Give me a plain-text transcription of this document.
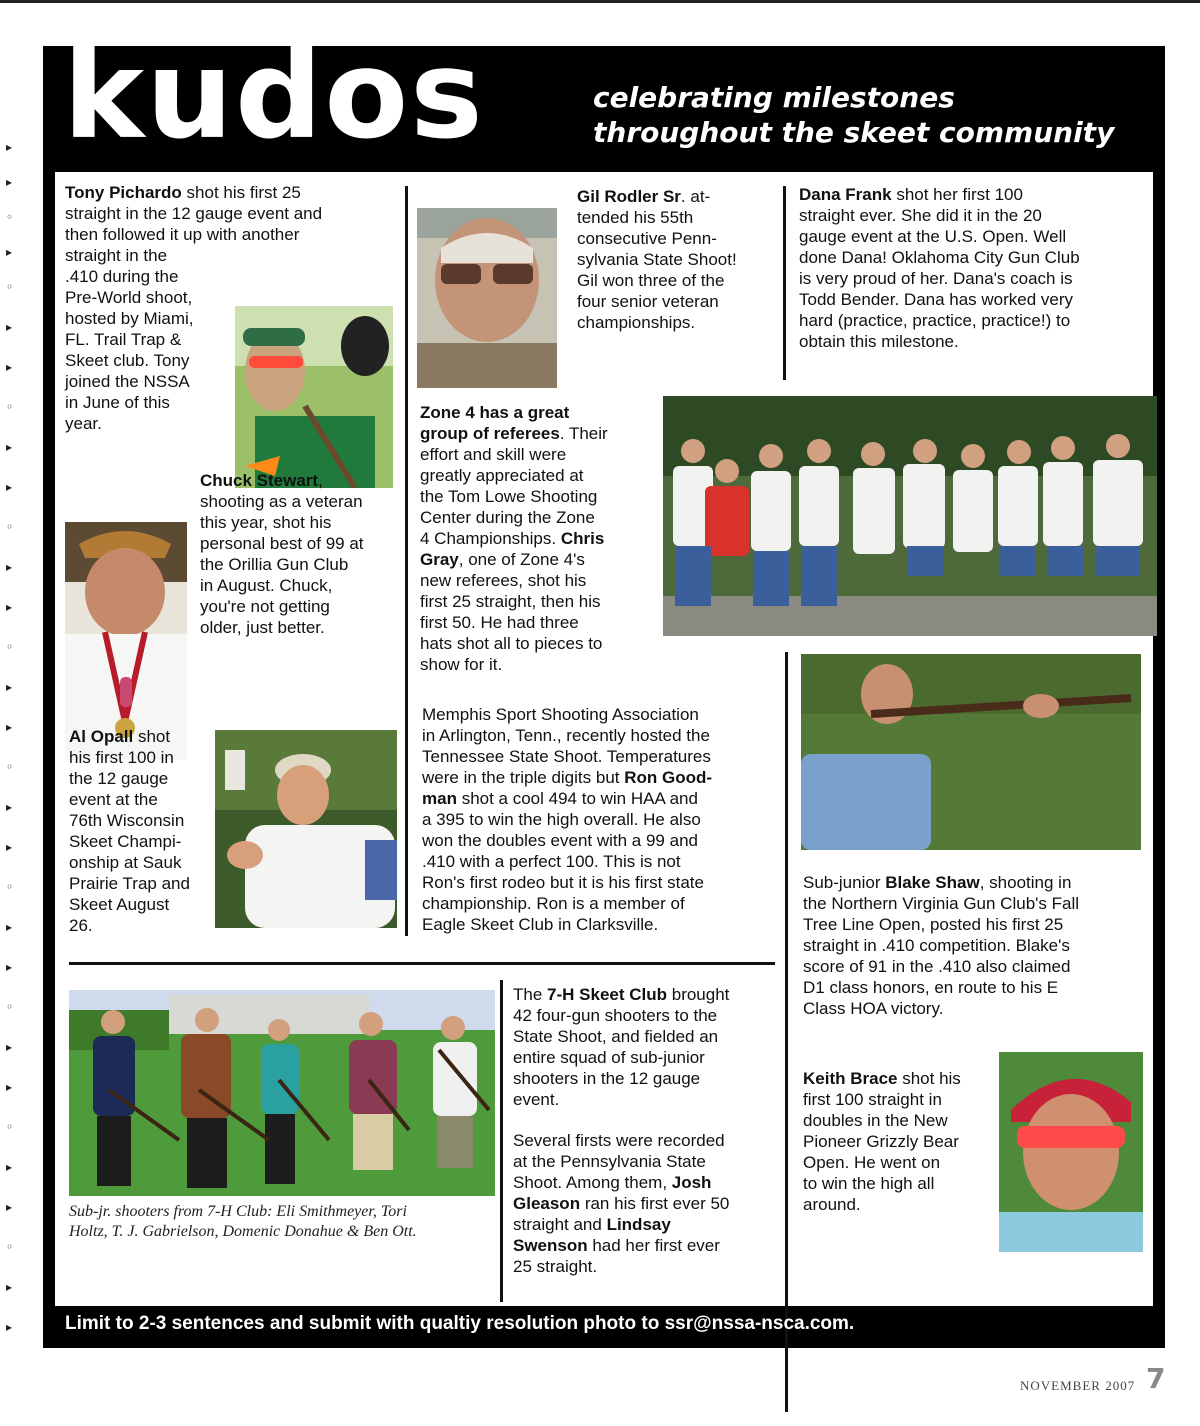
▸
▸
◦
▸
◦
▸
▸
◦
▸
▸
◦
▸
▸
◦
▸
▸
◦
▸
▸
◦
▸
▸
◦
▸
▸
◦
▸
▸
◦
▸
▸
kudos	celebrating milestones
throughout the skeet community
Tony Pichardo shot his first 25
straight in the 12 gauge event and
then followed it up with another
straight in the
.410 during the
Pre-World shoot,
hosted by Miami,
FL. Trail Trap &
Skeet club. Tony
joined the NSSA
in June of this
year.
Chuck Stewart,
shooting as a veteran
this year, shot his
personal best of 99 at
the Orillia Gun Club
in August. Chuck,
you're not getting
older, just better.
Al Opall shot
his first 100 in
the 12 gauge
event at the
76th Wisconsin
Skeet Champi-
onship at Sauk
Prairie Trap and
Skeet August
26.
Gil Rodler Sr. at-
tended his 55th
consecutive Penn-
sylvania State Shoot!
Gil won three of the
four senior veteran
championships.
Zone 4 has a great
group of referees. Their
effort and skill were
greatly appreciated at
the Tom Lowe Shooting
Center during the Zone
4 Championships. Chris
Gray, one of Zone 4's
new referees, shot his
first 25 straight, then his
first 50. He had three
hats shot all to pieces to
show for it.
Memphis Sport Shooting Association
in Arlington, Tenn., recently hosted the
Tennessee State Shoot. Temperatures
were in the triple digits but Ron Good-
man shot a cool 494 to win HAA and
a 395 to win the high overall. He also
won the doubles event with a 99 and
.410 with a perfect 100. This is not
Ron's first rodeo but it is his first state
championship. Ron is a member of
Eagle Skeet Club in Clarksville.
Dana Frank shot her first 100
straight ever. She did it in the 20
gauge event at the U.S. Open. Well
done Dana! Oklahoma City Gun Club
is very proud of her. Dana's coach is
Todd Bender. Dana has worked very
hard (practice, practice, practice!) to
obtain this milestone.
Sub-junior Blake Shaw, shooting in
the Northern Virginia Gun Club's Fall
Tree Line Open, posted his first 25
straight in .410 competition. Blake's
score of 91 in the .410 also claimed
D1 class honors, en route to his E
Class HOA victory.
Keith Brace shot his
first 100 straight in
doubles in the New
Pioneer Grizzly Bear
Open. He went on
to win the high all
around.
Sub-jr. shooters from 7-H Club: Eli Smithmeyer, Tori
Holtz, T. J. Gabrielson, Domenic Donahue & Ben Ott.
The 7-H Skeet Club brought
42 four-gun shooters to the
State Shoot, and fielded an
entire squad of sub-junior
shooters in the 12 gauge
event.
Several firsts were recorded
at the Pennsylvania State
Shoot. Among them, Josh
Gleason ran his first ever 50
straight and Lindsay
Swenson had her first ever
25 straight.
Limit to 2-3 sentences and submit with qualtiy resolution photo to ssr@nssa-nsca.com.
NOVEMBER 2007 7
